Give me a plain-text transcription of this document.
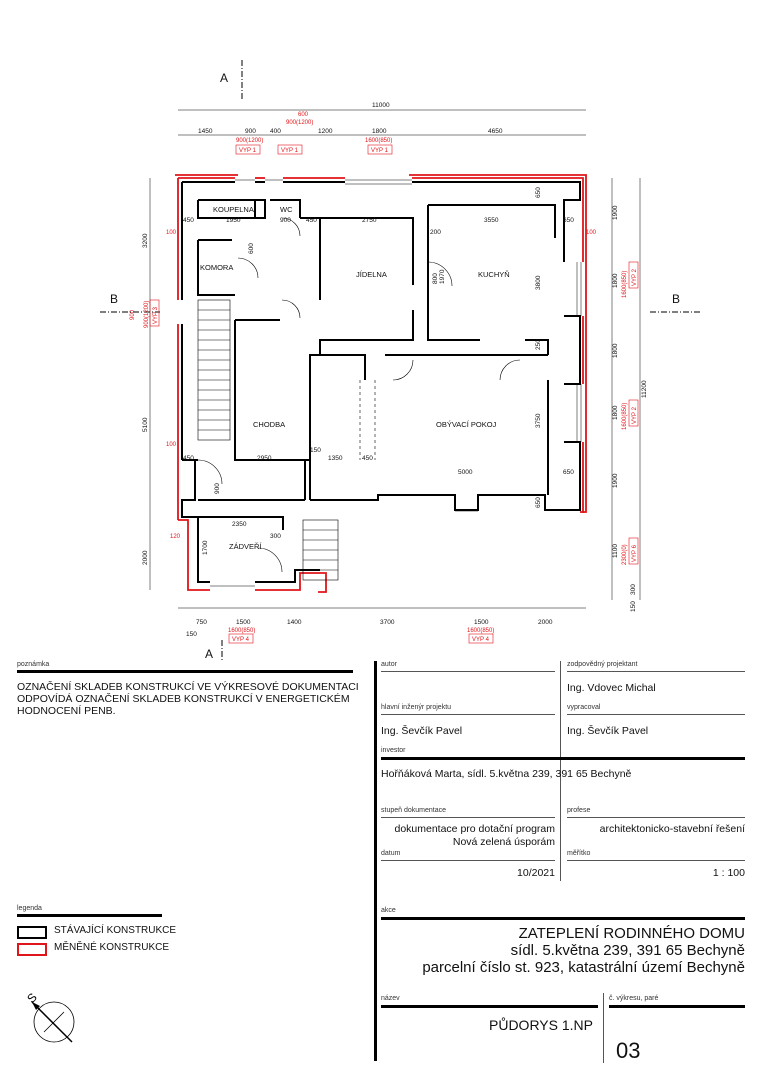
A
A
B	B
KOUPELNA	WC
KOMORA
JÍDELNA	KUCHYŇ
CHODBA	OBÝVACÍ POKOJ
ZÁDVEŘÍ
11000
1450	900 400	1200	1800	4650
900(1200)
600
900(1200)
1600(850)
VYP 1	VYP 1	VYP 1
750	1500	1400	3700	1500	2000
150	1600(850)	1600(850)
VYP 4	VYP 4
3200
5100
2000
900 900(1200) VYP 3
1900
1800
1800
1800
1900
1100
300
150
11200
1600(850)
1600(850)
2300(0)
VYP 2
VYP 2
VYP 6
1950	900	2750	3550
2950	1350
5000
2350
450	450
450	450
650
650
100
100
100
120
200
150
300
1700
3800
3750
650
650
250
800 1970
900
600
poznámka
OZNAČENÍ SKLADEB KONSTRUKCÍ VE VÝKRESOVÉ DOKUMENTACI ODPOVÍDÁ OZNAČENÍ SKLADEB KONSTRUKCÍ V ENERGETICKÉM HODNOCENÍ PENB.
legenda
STÁVAJÍCÍ KONSTRUKCE
MĚNĚNÉ KONSTRUKCE
S
autor	zodpovědný projektant
Ing. Vdovec Michal
hlavní inženýr projektu
Ing. Ševčík Pavel
vypracoval
Ing. Ševčík Pavel
investor
Hořňáková Marta, sídl. 5.května 239, 391 65 Bechyně
stupeň dokumentace
dokumentace pro dotační program
Nová zelená úsporám
profese
architektonicko-stavební řešení
datum
10/2021
měřítko
1 : 100
akce
ZATEPLENÍ RODINNÉHO DOMU
sídl. 5.května 239, 391 65 Bechyně
parcelní číslo st. 923, katastrální území Bechyně
název
PŮDORYS 1.NP
č. výkresu, paré
03
